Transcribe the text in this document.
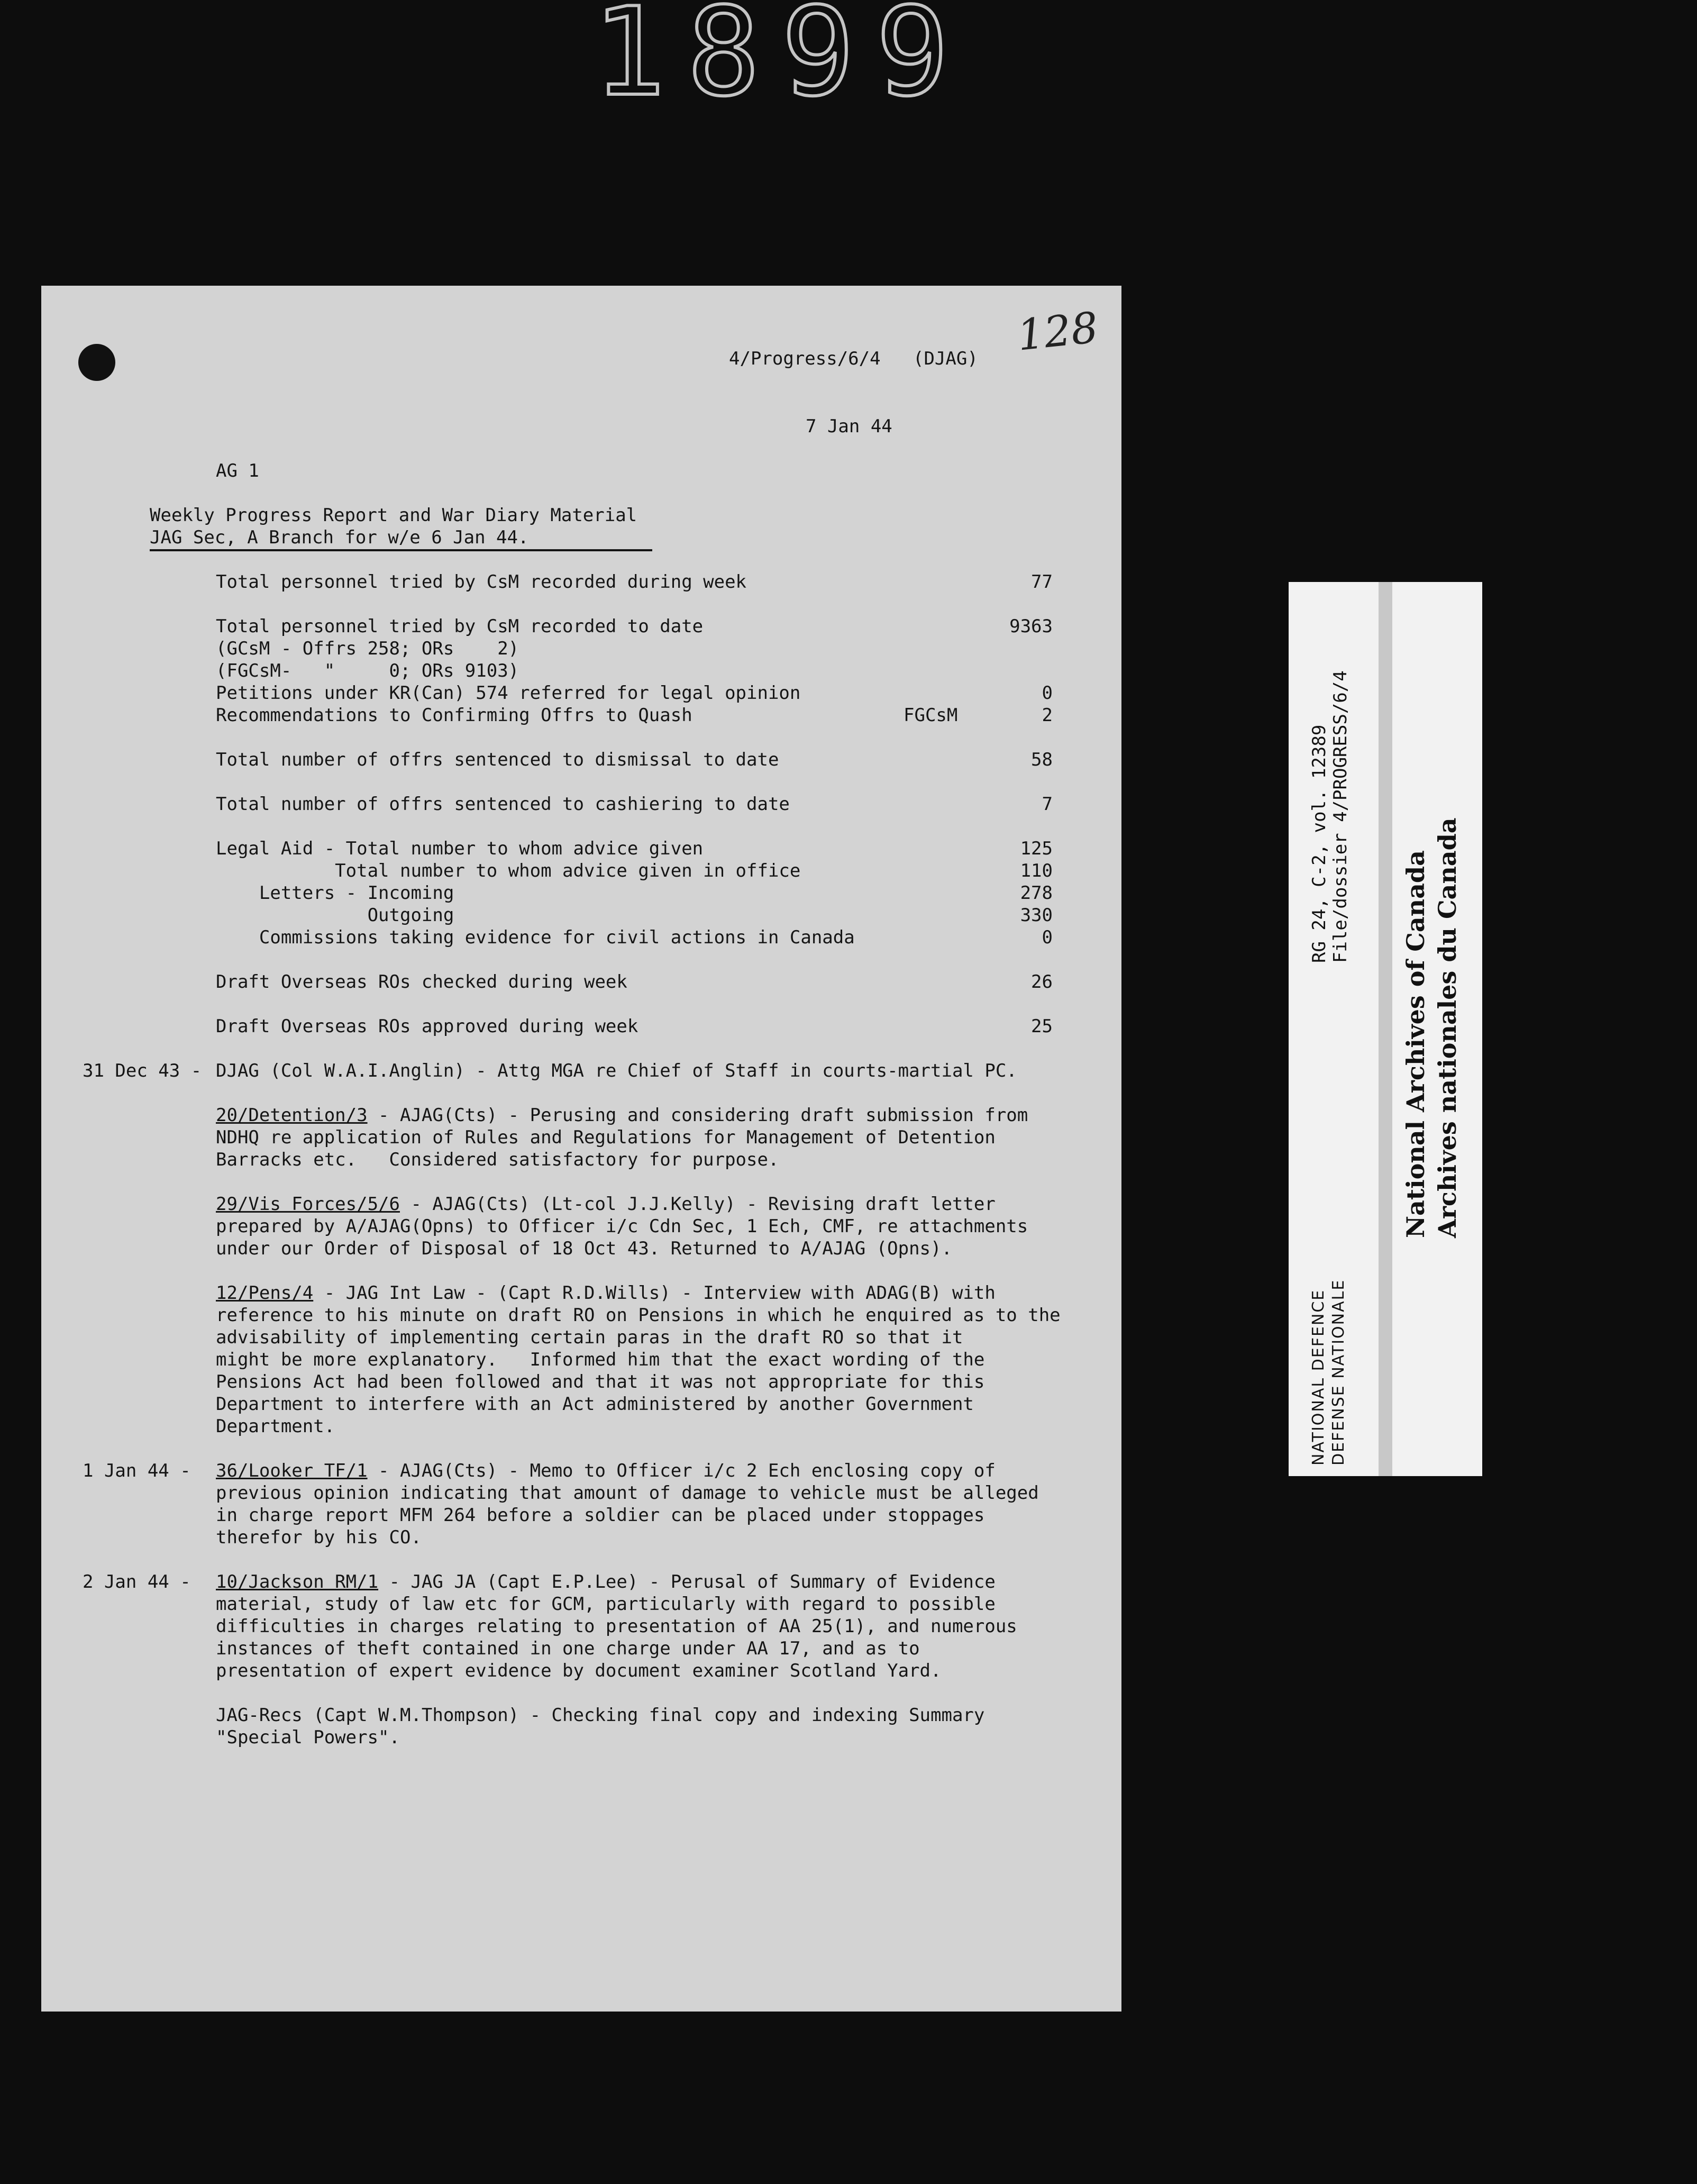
1899
128
4/Progress/6/4   (DJAG)
7 Jan 44
AG 1
Weekly Progress Report and War Diary Material
JAG Sec, A Branch for w/e 6 Jan 44.
Total personnel tried by CsM recorded during week	77
Total personnel tried by CsM recorded to date	9363
(GCsM - Offrs 258; ORs    2)
(FGCsM-   "     0; ORs 9103)
Petitions under KR(Can) 574 referred for legal opinion	0
Recommendations to Confirming Offrs to Quash	FGCsM	2
Total number of offrs sentenced to dismissal to date	58
Total number of offrs sentenced to cashiering to date	7
Legal Aid - Total number to whom advice given	125
Total number to whom advice given in office	110
Letters - Incoming	278
Outgoing	330
Commissions taking evidence for civil actions in Canada	0
Draft Overseas ROs checked during week	26
Draft Overseas ROs approved during week	25
31 Dec 43 - DJAG (Col W.A.I.Anglin) - Attg MGA re Chief of Staff in courts-martial PC.
20/Detention/3 - AJAG(Cts) - Perusing and considering draft submission from
NDHQ re application of Rules and Regulations for Management of Detention
Barracks etc.   Considered satisfactory for purpose.
29/Vis Forces/5/6 - AJAG(Cts) (Lt-col J.J.Kelly) - Revising draft letter
prepared by A/AJAG(Opns) to Officer i/c Cdn Sec, 1 Ech, CMF, re attachments
under our Order of Disposal of 18 Oct 43. Returned to A/AJAG (Opns).
12/Pens/4 - JAG Int Law - (Capt R.D.Wills) - Interview with ADAG(B) with
reference to his minute on draft RO on Pensions in which he enquired as to the
advisability of implementing certain paras in the draft RO so that it
might be more explanatory.   Informed him that the exact wording of the
Pensions Act had been followed and that it was not appropriate for this
Department to interfere with an Act administered by another Government
Department.
1 Jan 44 - 36/Looker TF/1 - AJAG(Cts) - Memo to Officer i/c 2 Ech enclosing copy of
previous opinion indicating that amount of damage to vehicle must be alleged
in charge report MFM 264 before a soldier can be placed under stoppages
therefor by his CO.
2 Jan 44 - 10/Jackson RM/1 - JAG JA (Capt E.P.Lee) - Perusal of Summary of Evidence
material, study of law etc for GCM, particularly with regard to possible
difficulties in charges relating to presentation of AA 25(1), and numerous
instances of theft contained in one charge under AA 17, and as to
presentation of expert evidence by document examiner Scotland Yard.
JAG-Recs (Capt W.M.Thompson) - Checking final copy and indexing Summary
"Special Powers".
RG 24, C-2, vol. 12389 File/dossier 4/PROGRESS/6/4
NATIONAL DEFENCE DEFENSE NATIONALE
National Archives of Canada Archives nationales du Canada
